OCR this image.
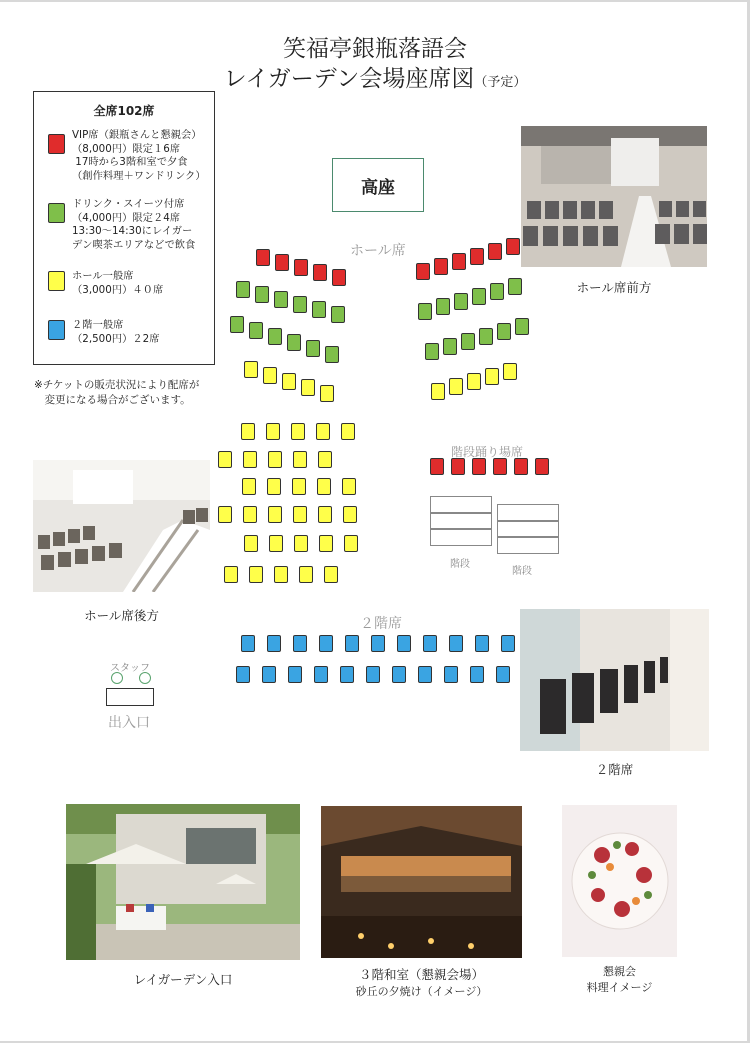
笑福亭銀瓶落語会
レイガーデン会場座席図（予定）
全席102席
VIP席（銀瓶さんと懇親会）
（8,000円）限定１6席
17時から3階和室で夕食
（創作料理＋ワンドリンク）
ドリンク・スイーツ付席
（4,000円）限定２4席
13:30～14:30にレイガー
デン喫茶エリアなどで飲食
ホール一般席
（3,000円）４０席
２階一般席
（2,500円）２2席
※チケットの販売状況により配席が
　変更になる場合がございます。
高座
ホール席
階段踊り場席
階段
階段
２階席
スタッフ
出入口
ホール席前方
ホール席後方
２階席
レイガーデン入口	３階和室（懇親会場）
砂丘の夕焼け（イメージ）
懇親会
料理イメージ
